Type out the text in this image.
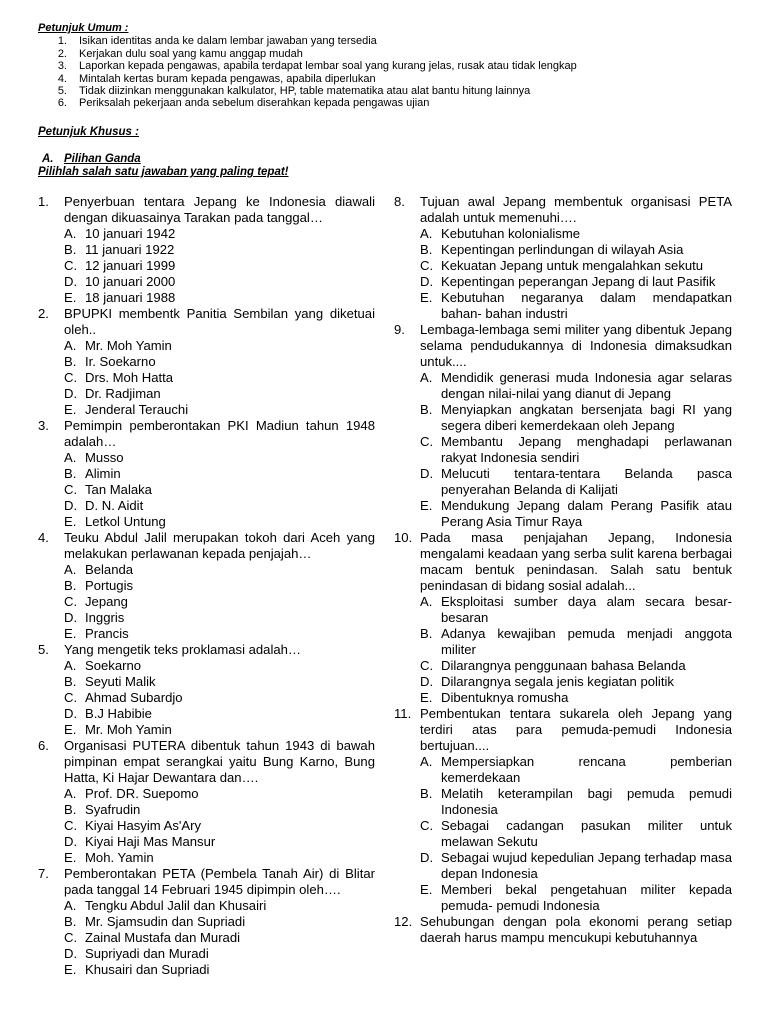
Petunjuk Umum :
1.	Isikan identitas anda ke dalam lembar jawaban yang tersedia
2.	Kerjakan dulu soal yang kamu anggap mudah
3.	Laporkan kepada pengawas, apabila terdapat lembar soal yang kurang jelas, rusak atau tidak lengkap
4.	Mintalah kertas buram kepada pengawas, apabila diperlukan
5.	Tidak diizinkan menggunakan kalkulator, HP, table matematika atau alat bantu hitung lainnya
6.	Periksalah pekerjaan anda sebelum diserahkan kepada pengawas ujian
Petunjuk Khusus :
A. Pilihan Ganda
Pilihlah salah satu jawaban yang paling tepat!
1. Penyerbuan tentara Jepang ke Indonesia diawali dengan dikuasainya Tarakan pada tanggal…
A. 10 januari 1942
B. 11 januari 1922
C. 12 januari 1999
D. 10 januari 2000
E. 18 januari 1988
2. BPUPKI membentk Panitia Sembilan yang diketuai oleh..
A. Mr. Moh Yamin
B. Ir. Soekarno
C. Drs. Moh Hatta
D. Dr. Radjiman
E. Jenderal Terauchi
3. Pemimpin pemberontakan PKI Madiun tahun 1948 adalah…
A. Musso
B. Alimin
C. Tan Malaka
D. D. N. Aidit
E. Letkol Untung
4. Teuku Abdul Jalil merupakan tokoh dari Aceh yang melakukan perlawanan kepada penjajah…
A. Belanda
B. Portugis
C. Jepang
D. Inggris
E. Prancis
5. Yang mengetik teks proklamasi adalah…
A. Soekarno
B. Seyuti Malik
C. Ahmad Subardjo
D. B.J Habibie
E. Mr. Moh Yamin
6. Organisasi PUTERA dibentuk tahun 1943 di bawah pimpinan empat serangkai yaitu Bung Karno, Bung Hatta, Ki Hajar Dewantara dan….
A. Prof. DR. Suepomo
B. Syafrudin
C. Kiyai Hasyim As'Ary
D. Kiyai Haji Mas Mansur
E. Moh. Yamin
7. Pemberontakan PETA (Pembela Tanah Air) di Blitar pada tanggal 14 Februari 1945 dipimpin oleh….
A. Tengku Abdul Jalil dan Khusairi
B. Mr. Sjamsudin dan Supriadi
C. Zainal Mustafa dan Muradi
D. Supriyadi dan Muradi
E. Khusairi dan Supriadi
8. Tujuan awal Jepang membentuk organisasi PETA adalah untuk memenuhi….
A. Kebutuhan kolonialisme
B. Kepentingan perlindungan di wilayah Asia
C. Kekuatan Jepang untuk mengalahkan sekutu
D. Kepentingan peperangan Jepang di laut Pasifik
E. Kebutuhan negaranya dalam mendapatkan bahan- bahan industri
9. Lembaga-lembaga semi militer yang dibentuk Jepang selama pendudukannya di Indonesia dimaksudkan untuk....
A. Mendidik generasi muda Indonesia agar selaras dengan nilai-nilai yang dianut di Jepang
B. Menyiapkan angkatan bersenjata bagi RI yang segera diberi kemerdekaan oleh Jepang
C. Membantu Jepang menghadapi perlawanan rakyat Indonesia sendiri
D. Melucuti tentara-tentara Belanda pasca penyerahan Belanda di Kalijati
E. Mendukung Jepang dalam Perang Pasifik atau Perang Asia Timur Raya
10. Pada masa penjajahan Jepang, Indonesia mengalami keadaan yang serba sulit karena berbagai macam bentuk penindasan. Salah satu bentuk penindasan di bidang sosial adalah...
A. Eksploitasi sumber daya alam secara besar-besaran
B. Adanya kewajiban pemuda menjadi anggota militer
C. Dilarangnya penggunaan bahasa Belanda
D. Dilarangnya segala jenis kegiatan politik
E. Dibentuknya romusha
11. Pembentukan tentara sukarela oleh Jepang yang terdiri atas para pemuda-pemudi Indonesia bertujuan....
A. Mempersiapkan rencana pemberian kemerdekaan
B. Melatih keterampilan bagi pemuda pemudi Indonesia
C. Sebagai cadangan pasukan militer untuk melawan Sekutu
D. Sebagai wujud kepedulian Jepang terhadap masa depan Indonesia
E. Memberi bekal pengetahuan militer kepada pemuda- pemudi Indonesia
12. Sehubungan dengan pola ekonomi perang setiap daerah harus mampu mencukupi kebutuhannya
